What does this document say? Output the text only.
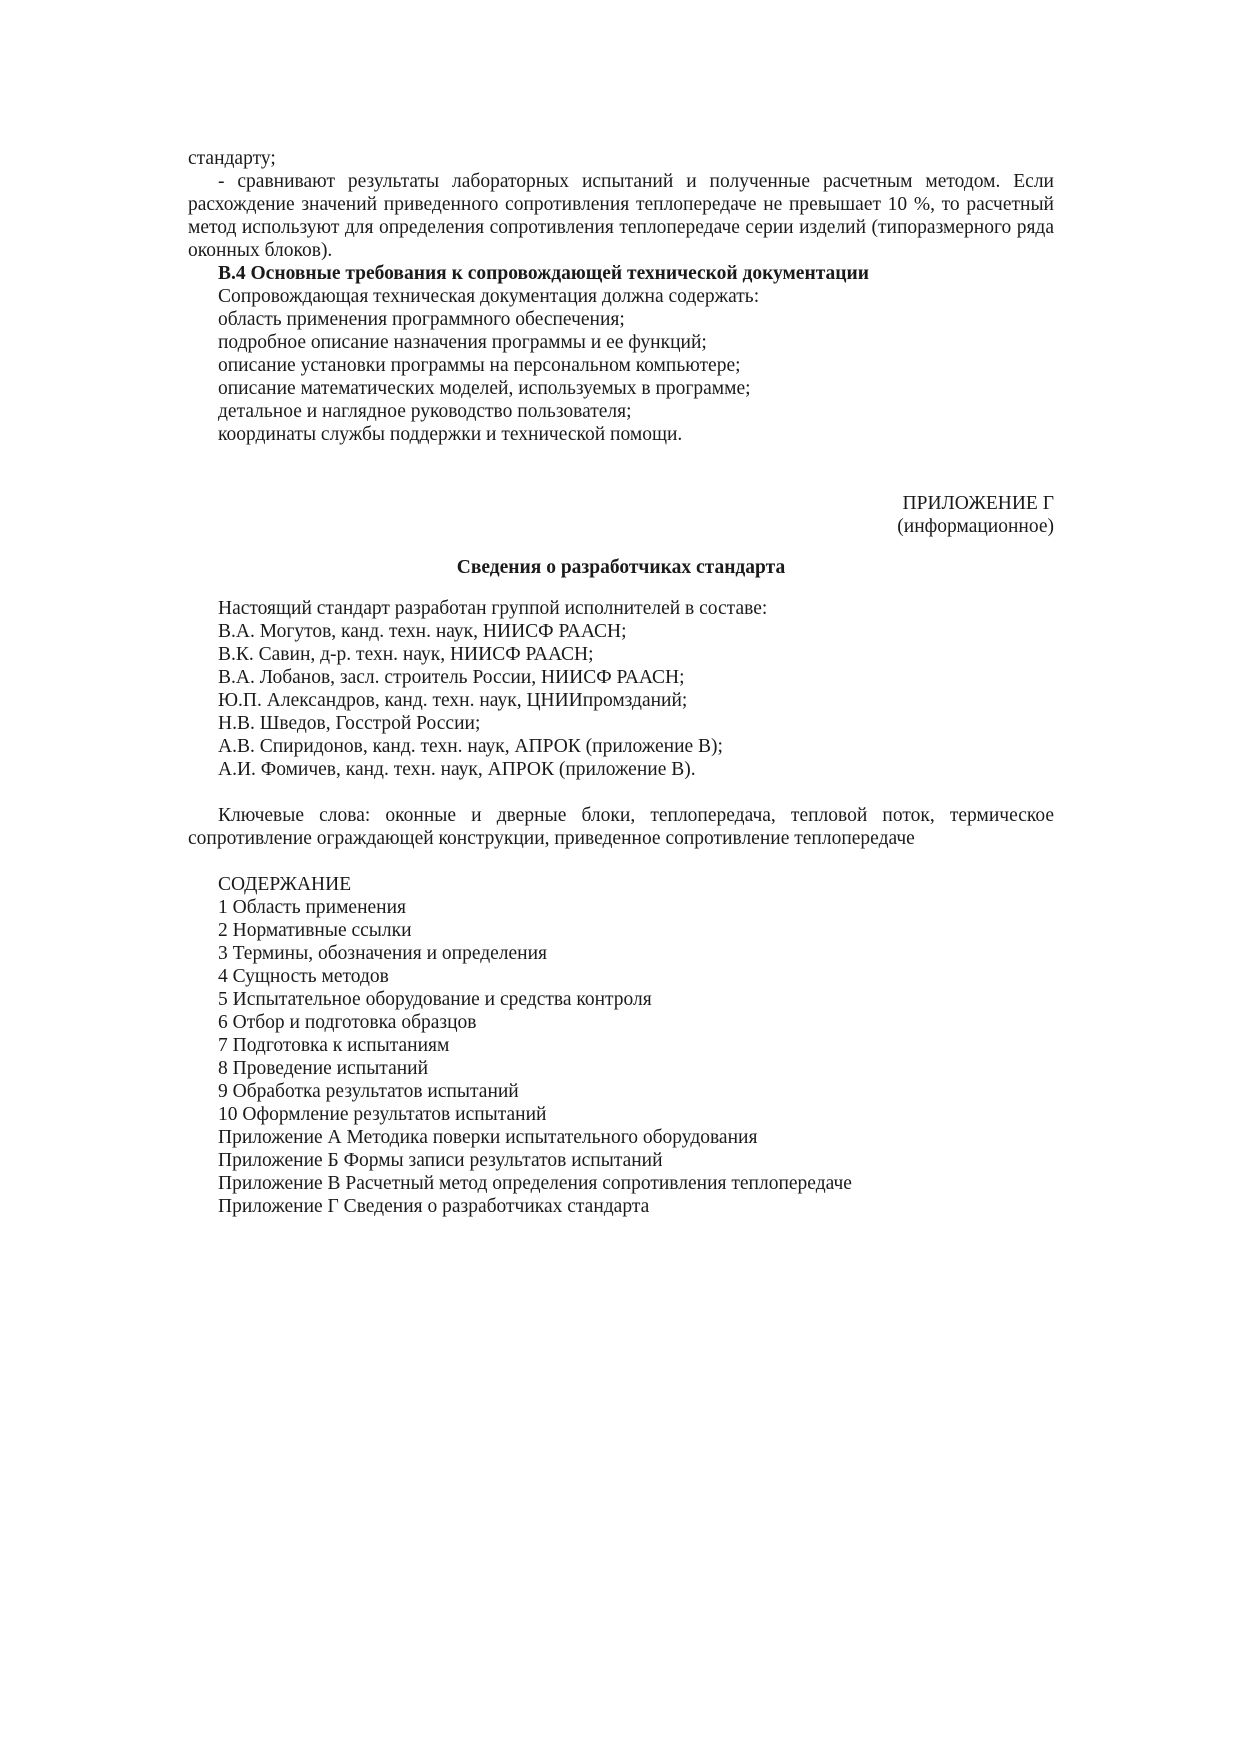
стандарту;

- сравнивают результаты лабораторных испытаний и полученные расчетным методом. Если расхождение значений приведенного сопротивления теплопередаче не превышает 10 %, то расчетный метод используют для определения сопротивления теплопередаче серии изделий (типоразмерного ряда оконных блоков).

В.4 Основные требования к сопровождающей технической документации

Сопровождающая техническая документация должна содержать:

область применения программного обеспечения;
подробное описание назначения программы и ее функций;
описание установки программы на персональном компьютере;
описание математических моделей, используемых в программе;
детальное и наглядное руководство пользователя;
координаты службы поддержки и технической помощи.

ПРИЛОЖЕНИЕ Г

(информационное)

Сведения о разработчиках стандарта

Настоящий стандарт разработан группой исполнителей в составе:

В.А. Могутов, канд. техн. наук, НИИСФ РААСН;
В.К. Савин, д-р. техн. наук, НИИСФ РААСН;
В.А. Лобанов, засл. строитель России, НИИСФ РААСН;
Ю.П. Александров, канд. техн. наук, ЦНИИпромзданий;
Н.В. Шведов, Госстрой России;
А.В. Спиридонов, канд. техн. наук, АПРОК (приложение В);
А.И. Фомичев, канд. техн. наук, АПРОК (приложение В).

Ключевые слова: оконные и дверные блоки, теплопередача, тепловой поток, термическое сопротивление ограждающей конструкции, приведенное сопротивление теплопередаче

СОДЕРЖАНИЕ

1 Область применения
2 Нормативные ссылки
3 Термины, обозначения и определения
4 Сущность методов
5 Испытательное оборудование и средства контроля
6 Отбор и подготовка образцов
7 Подготовка к испытаниям
8 Проведение испытаний
9 Обработка результатов испытаний
10 Оформление результатов испытаний
Приложение А Методика поверки испытательного оборудования
Приложение Б Формы записи результатов испытаний
Приложение В Расчетный метод определения сопротивления теплопередаче
Приложение Г Сведения о разработчиках стандарта
